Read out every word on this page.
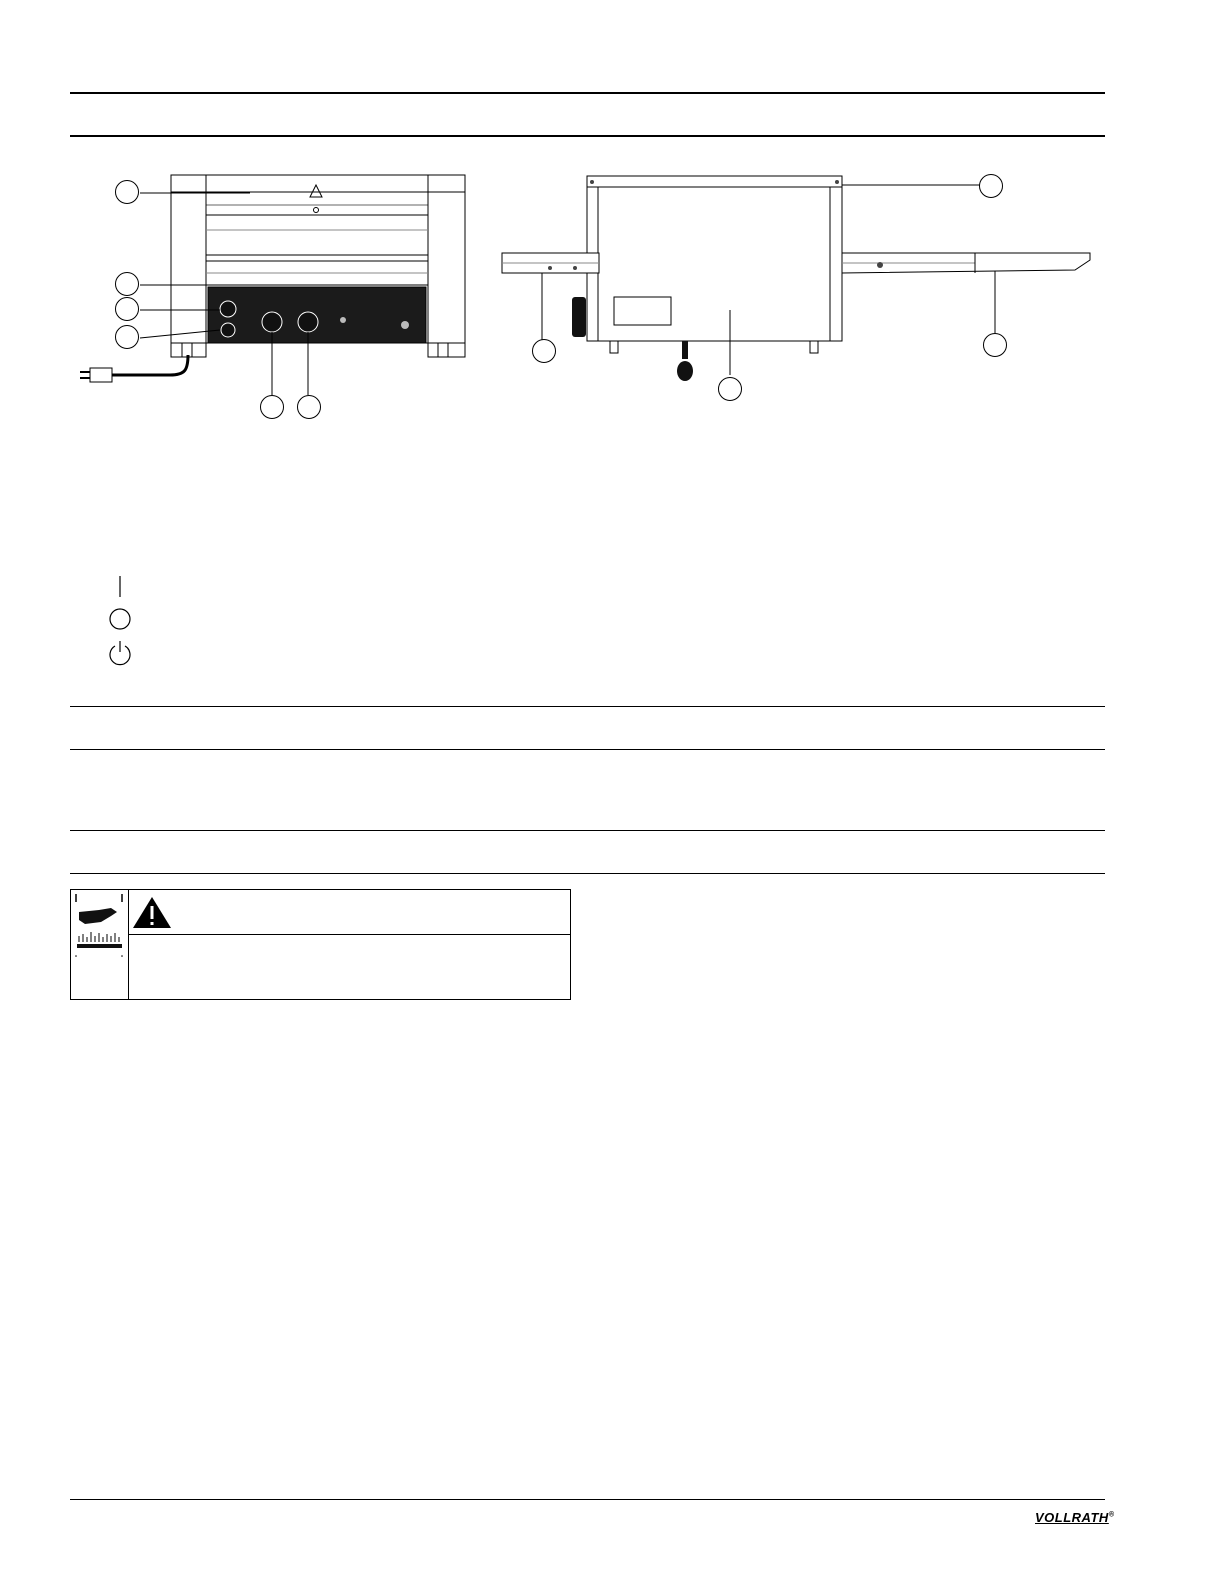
VOLLRATH®
